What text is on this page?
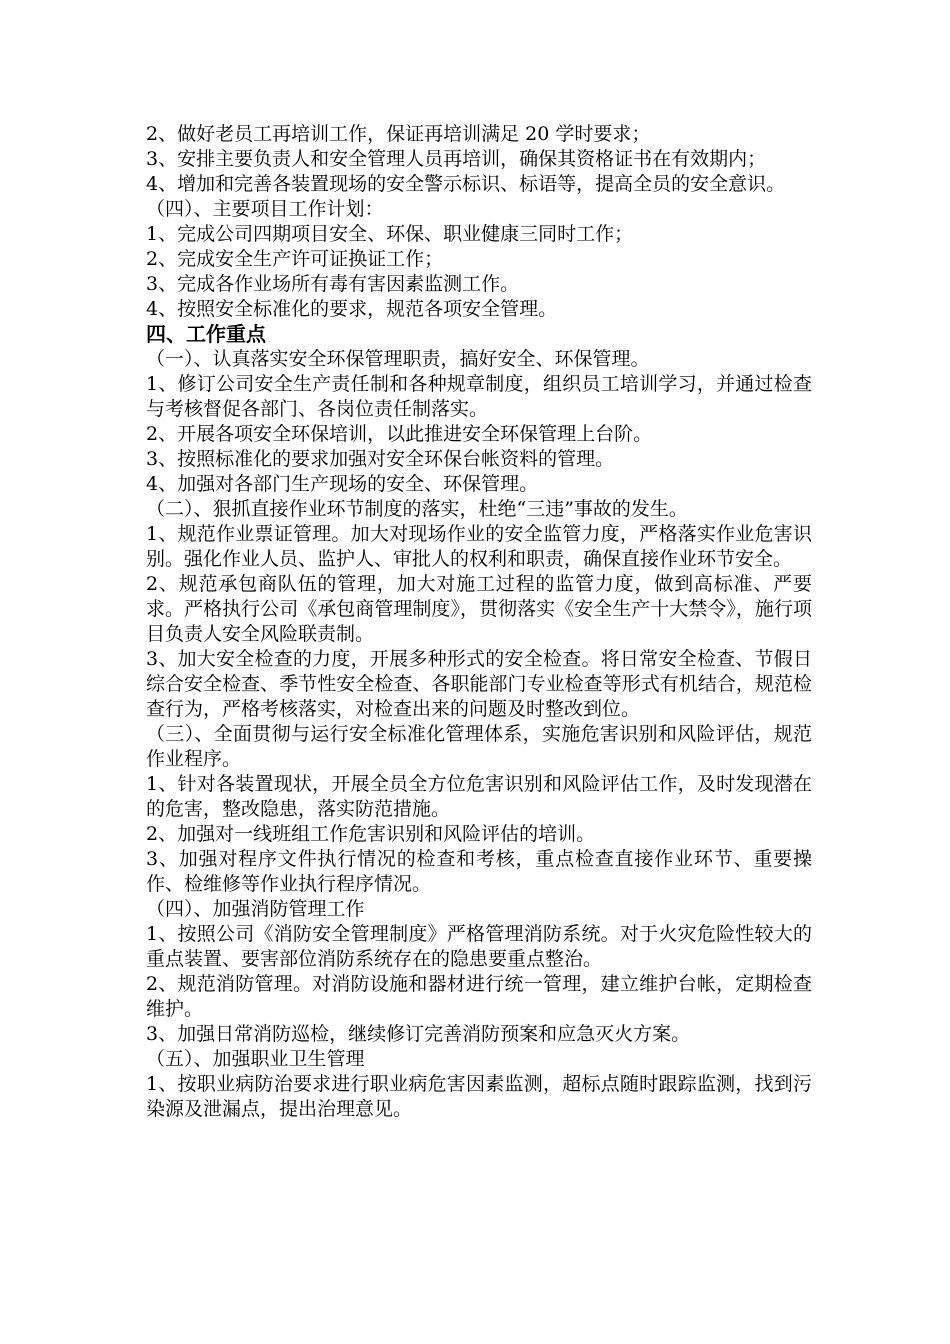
2、做好老员工再培训工作，保证再培训满足 20 学时要求；

3、安排主要负责人和安全管理人员再培训，确保其资格证书在有效期内；

4、增加和完善各装置现场的安全警示标识、标语等，提高全员的安全意识。

（四）、主要项目工作计划：

1、完成公司四期项目安全、环保、职业健康三同时工作；

2、完成安全生产许可证换证工作；

3、完成各作业场所有毒有害因素监测工作。

4、按照安全标准化的要求，规范各项安全管理。

四、工作重点

（一）、认真落实安全环保管理职责，搞好安全、环保管理。

1、修订公司安全生产责任制和各种规章制度，组织员工培训学习，并通过检查与考核督促各部门、各岗位责任制落实。

2、开展各项安全环保培训，以此推进安全环保管理上台阶。

3、按照标准化的要求加强对安全环保台帐资料的管理。

4、加强对各部门生产现场的安全、环保管理。

（二）、狠抓直接作业环节制度的落实，杜绝“三违”事故的发生。

1、规范作业票证管理。加大对现场作业的安全监管力度，严格落实作业危害识别。强化作业人员、监护人、审批人的权利和职责，确保直接作业环节安全。

2、规范承包商队伍的管理，加大对施工过程的监管力度，做到高标准、严要求。严格执行公司《承包商管理制度》，贯彻落实《安全生产十大禁令》，施行项目负责人安全风险联责制。

3、加大安全检查的力度，开展多种形式的安全检查。将日常安全检查、节假日综合安全检查、季节性安全检查、各职能部门专业检查等形式有机结合，规范检查行为，严格考核落实，对检查出来的问题及时整改到位。

（三）、全面贯彻与运行安全标准化管理体系，实施危害识别和风险评估，规范作业程序。

1、针对各装置现状，开展全员全方位危害识别和风险评估工作，及时发现潜在的危害，整改隐患，落实防范措施。

2、加强对一线班组工作危害识别和风险评估的培训。

3、加强对程序文件执行情况的检查和考核，重点检查直接作业环节、重要操作、检维修等作业执行程序情况。

（四）、加强消防管理工作

1、按照公司《消防安全管理制度》严格管理消防系统。对于火灾危险性较大的重点装置、要害部位消防系统存在的隐患要重点整治。

2、规范消防管理。对消防设施和器材进行统一管理，建立维护台帐，定期检查维护。

3、加强日常消防巡检，继续修订完善消防预案和应急灭火方案。

（五）、加强职业卫生管理

1、按职业病防治要求进行职业病危害因素监测，超标点随时跟踪监测，找到污染源及泄漏点，提出治理意见。
